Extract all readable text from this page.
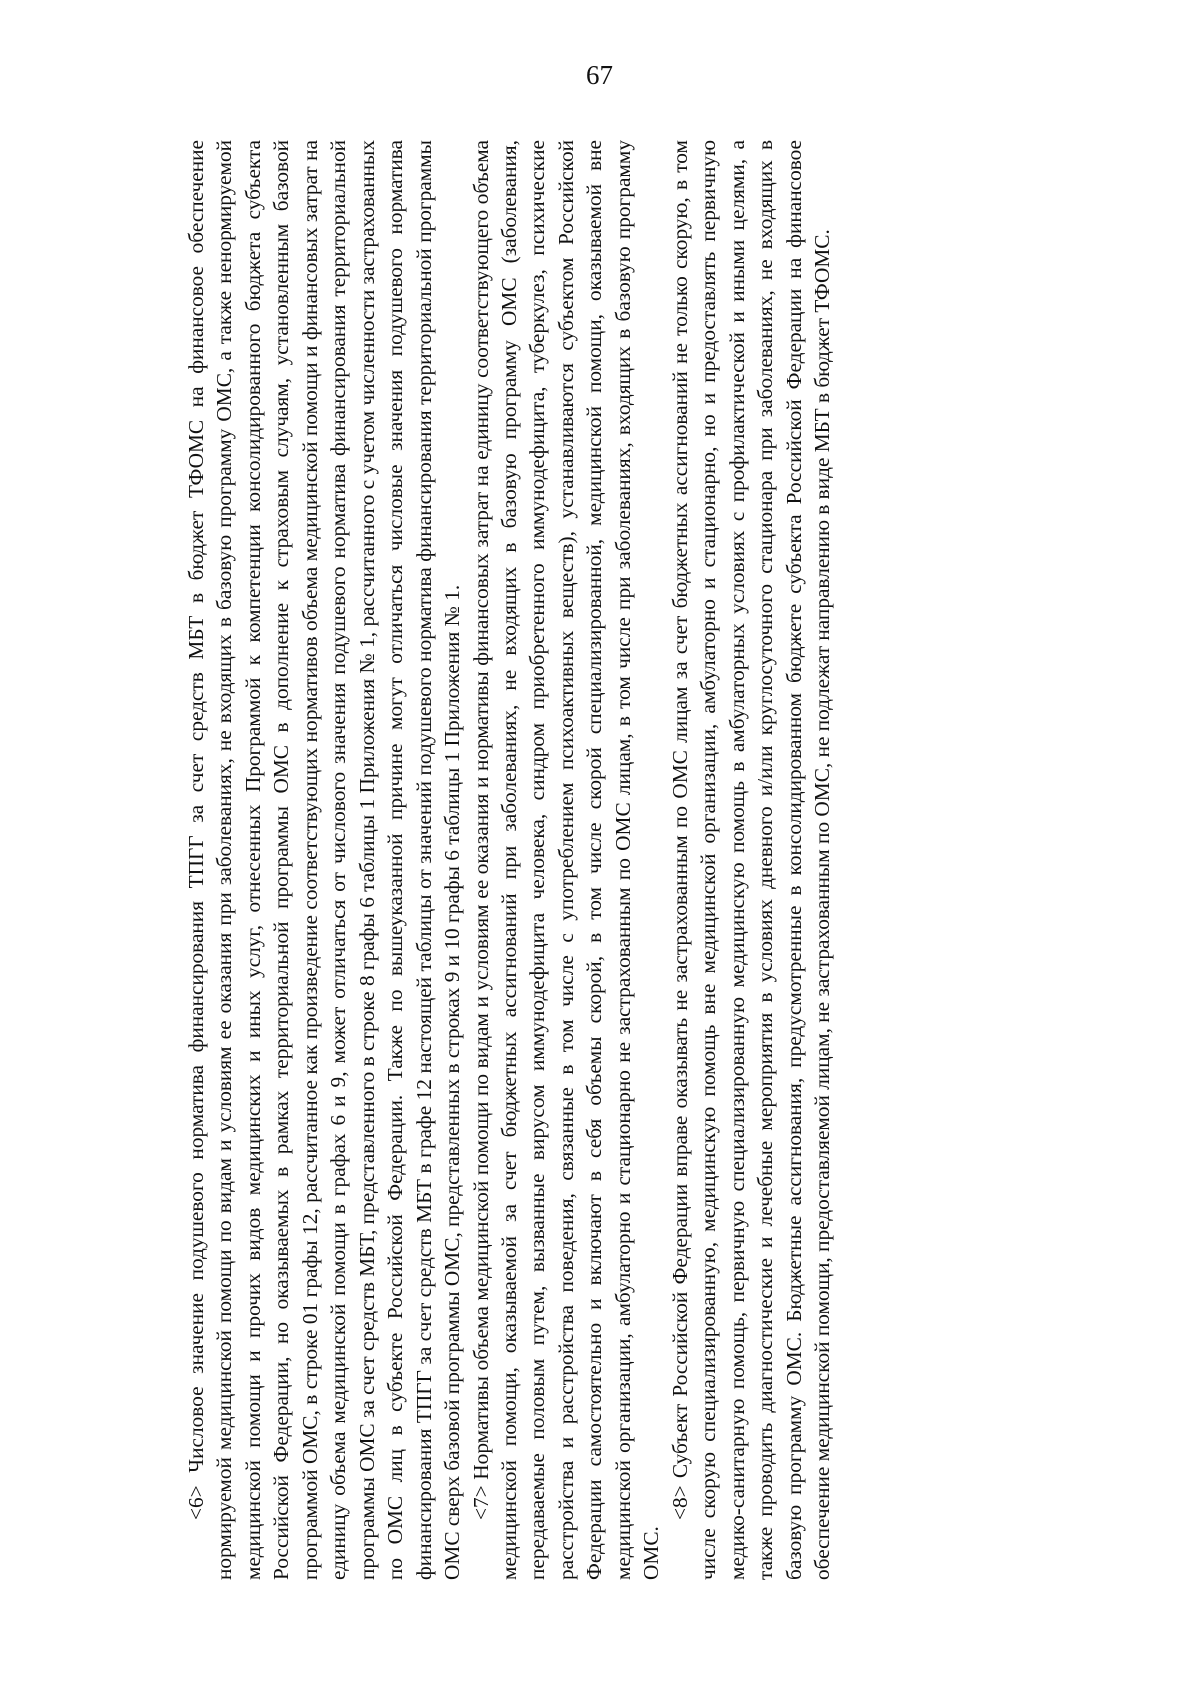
67

<6> Числовое значение подушевого норматива финансирования ТПГГ за счет средств МБТ в бюджет ТФОМС на финансовое обеспечение нормируемой медицинской помощи по видам и условиям ее оказания при заболеваниях, не входящих в базовую программу ОМС, а также ненормируемой медицинской помощи и прочих видов медицинских и иных услуг, отнесенных Программой к компетенции консолидированного бюджета субъекта Российской Федерации, но оказываемых в рамках территориальной программы ОМС в дополнение к страховым случаям, установленным базовой программой ОМС, в строке 01 графы 12, рассчитанное как произведение соответствующих нормативов объема медицинской помощи и финансовых затрат на единицу объема медицинской помощи в графах 6 и 9, может отличаться от числового значения подушевого норматива финансирования территориальной программы ОМС за счет средств МБТ, представленного в строке 8 графы 6 таблицы 1 Приложения № 1, рассчитанного с учетом численности застрахованных по ОМС лиц в субъекте Российской Федерации. Также по вышеуказанной причине могут отличаться числовые значения подушевого норматива финансирования ТПГГ за счет средств МБТ в графе 12 настоящей таблицы от значений подушевого норматива финансирования территориальной программы ОМС сверх базовой программы ОМС, представленных в строках 9 и 10 графы 6 таблицы 1 Приложения № 1. <7> Нормативы объема медицинской помощи по видам и условиям ее оказания и нормативы финансовых затрат на единицу соответствующего объема медицинской помощи, оказываемой за счет бюджетных ассигнований при заболеваниях, не входящих в базовую программу ОМС (заболевания, передаваемые половым путем, вызванные вирусом иммунодефицита человека, синдром приобретенного иммунодефицита, туберкулез, психические расстройства и расстройства поведения, связанные в том числе с употреблением психоактивных веществ), устанавливаются субъектом Российской Федерации самостоятельно и включают в себя объемы скорой, в том числе скорой специализированной, медицинской помощи, оказываемой вне медицинской организации, амбулаторно и стационарно не застрахованным по ОМС лицам, в том числе при заболеваниях, входящих в базовую программу ОМС.

<8> Субъект Российской Федерации вправе оказывать не застрахованным по ОМС лицам за счет бюджетных ассигнований не только скорую, в том числе скорую специализированную, медицинскую помощь вне медицинской организации, амбулаторно и стационарно, но и предоставлять первичную медико-санитарную помощь, первичную специализированную медицинскую помощь в амбулаторных условиях с профилактической и иными целями, а также проводить диагностические и лечебные мероприятия в условиях дневного и/или круглосуточного стационара при заболеваниях, не входящих в базовую программу ОМС. Бюджетные ассигнования, предусмотренные в консолидированном бюджете субъекта Российской Федерации на финансовое обеспечение медицинской помощи, предоставляемой лицам, не застрахованным по ОМС, не подлежат направлению в виде МБТ в бюджет ТФОМС.
